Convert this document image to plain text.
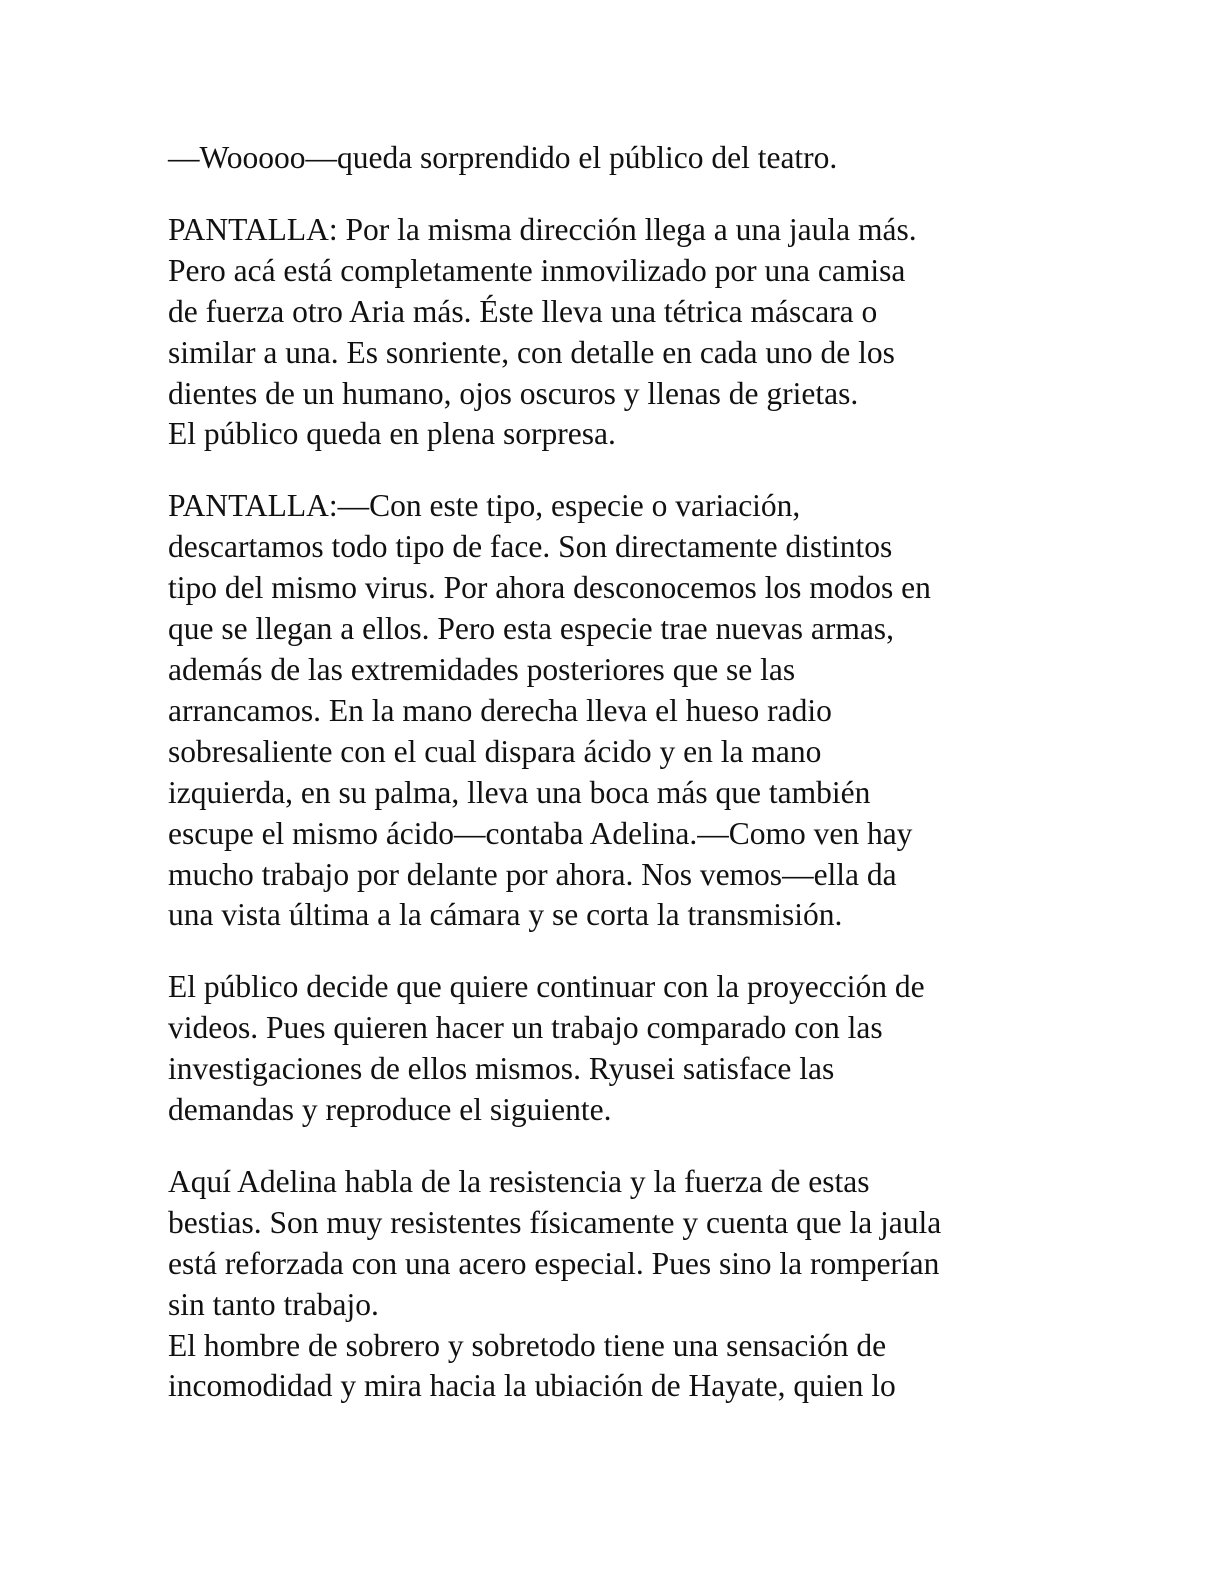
—Wooooo—queda sorprendido el público del teatro.

PANTALLA: Por la misma dirección llega a una jaula más.
Pero acá está completamente inmovilizado por una camisa
de fuerza otro Aria más. Éste lleva una tétrica máscara o
similar a una. Es sonriente, con detalle en cada uno de los
dientes de un humano, ojos oscuros y llenas de grietas.
El público queda en plena sorpresa.

PANTALLA:—Con este tipo, especie o variación,
descartamos todo tipo de face. Son directamente distintos
tipo del mismo virus. Por ahora desconocemos los modos en
que se llegan a ellos. Pero esta especie trae nuevas armas,
además de las extremidades posteriores que se las
arrancamos. En la mano derecha lleva el hueso radio
sobresaliente con el cual dispara ácido y en la mano
izquierda, en su palma, lleva una boca más que también
escupe el mismo ácido—contaba Adelina.—Como ven hay
mucho trabajo por delante por ahora. Nos vemos—ella da
una vista última a la cámara y se corta la transmisión.

El público decide que quiere continuar con la proyección de
videos. Pues quieren hacer un trabajo comparado con las
investigaciones de ellos mismos. Ryusei satisface las
demandas y reproduce el siguiente.

Aquí Adelina habla de la resistencia y la fuerza de estas
bestias. Son muy resistentes físicamente y cuenta que la jaula
está reforzada con una acero especial. Pues sino la romperían
sin tanto trabajo.
El hombre de sobrero y sobretodo tiene una sensación de
incomodidad y mira hacia la ubiación de Hayate, quien lo
